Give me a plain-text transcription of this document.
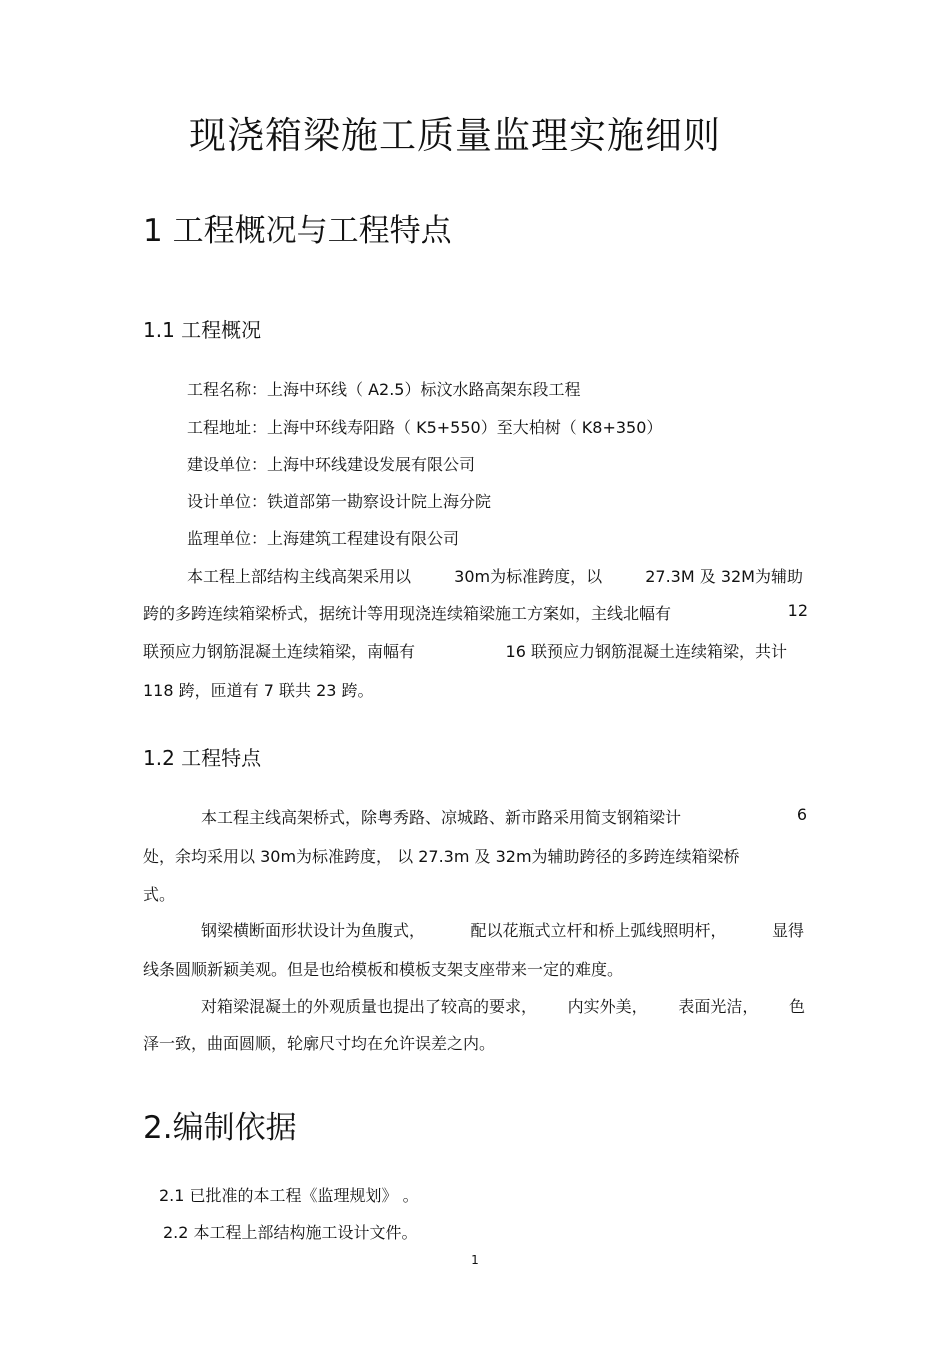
现浇箱梁施工质量监理实施细则
1 工程概况与工程特点
1.1 工程概况
工程名称：上海中环线（ A2.5）标汶水路高架东段工程
工程地址：上海中环线寿阳路（ K5+550）至大柏树（ K8+350）
建设单位：上海中环线建设发展有限公司
设计单位：铁道部第一勘察设计院上海分院
监理单位：上海建筑工程建设有限公司
本工程上部结构主线高架采用以	30m为标准跨度，以	27.3M 及 32M为辅助
跨的多跨连续箱梁桥式，据统计等用现浇连续箱梁施工方案如，主线北幅有	12
联预应力钢筋混凝土连续箱梁，南幅有	16 联预应力钢筋混凝土连续箱梁，共计
118 跨，匝道有 7 联共 23 跨。
1.2 工程特点
本工程主线高架桥式，除粤秀路、凉城路、新市路采用简支钢箱梁计	6
处，余均采用以 30m为标准跨度， 以 27.3m 及 32m为辅助跨径的多跨连续箱梁桥
式。
钢梁横断面形状设计为鱼腹式，	配以花瓶式立杆和桥上弧线照明杆，	显得
线条圆顺新颖美观。但是也给模板和模板支架支座带来一定的难度。
对箱梁混凝土的外观质量也提出了较高的要求， 内实外美， 表面光洁， 色
泽一致，曲面圆顺，轮廓尺寸均在允许误差之内。
2.编制依据
2.1 已批准的本工程《监理规划》 。
2.2 本工程上部结构施工设计文件。
1
